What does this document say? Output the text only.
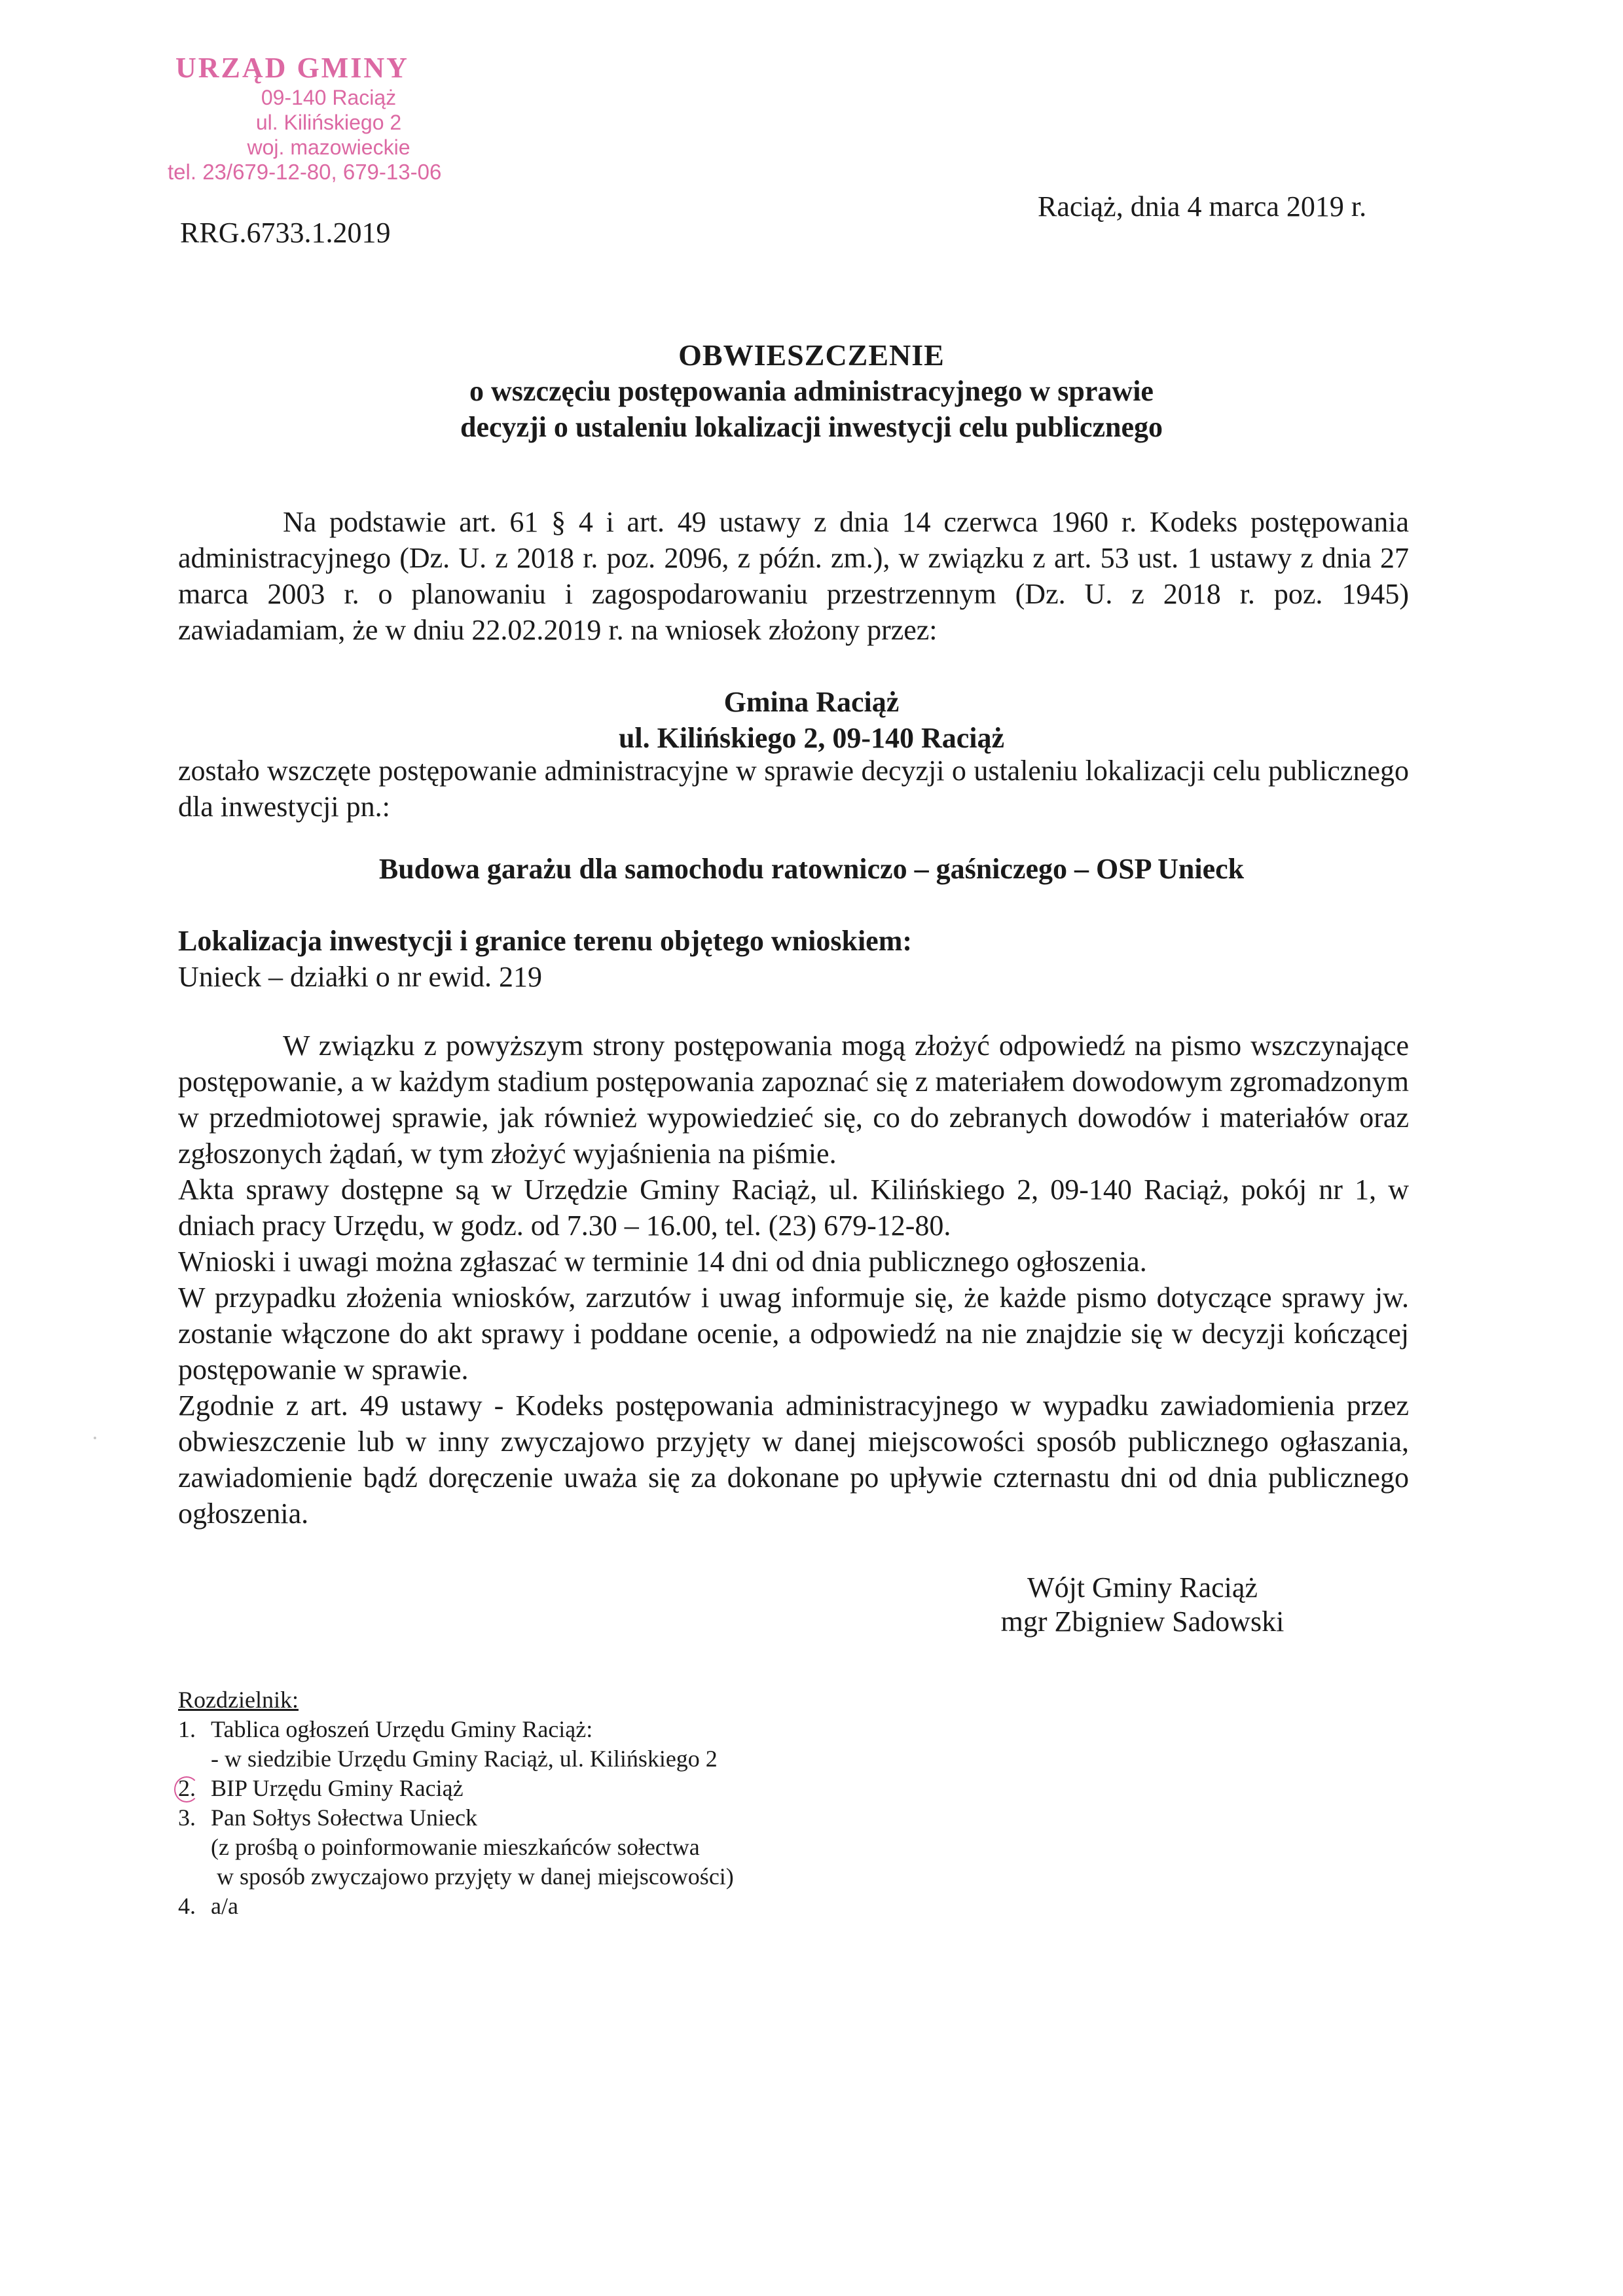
URZĄD GMINY
09-140 Raciąż
ul. Kilińskiego 2
woj. mazowieckie
tel. 23/679-12-80, 679-13-06
RRG.6733.1.2019
Raciąż, dnia 4 marca 2019 r.
OBWIESZCZENIE
o wszczęciu postępowania administracyjnego w sprawie
decyzji o ustaleniu lokalizacji inwestycji celu publicznego
Na podstawie art. 61 § 4 i art. 49 ustawy z dnia 14 czerwca 1960 r. Kodeks postępowania administracyjnego (Dz. U. z 2018 r. poz. 2096, z późn. zm.), w związku z art. 53 ust. 1 ustawy z dnia 27 marca 2003 r. o planowaniu i zagospodarowaniu przestrzennym (Dz. U. z 2018 r. poz. 1945) zawiadamiam, że w dniu 22.02.2019 r. na wniosek złożony przez:
Gmina Raciąż
ul. Kilińskiego 2, 09-140 Raciąż
zostało wszczęte postępowanie administracyjne w sprawie decyzji o ustaleniu lokalizacji celu publicznego dla inwestycji pn.:
Budowa garażu dla samochodu ratowniczo – gaśniczego – OSP Unieck
Lokalizacja inwestycji i granice terenu objętego wnioskiem:
Unieck – działki o nr ewid. 219
W związku z powyższym strony postępowania mogą złożyć odpowiedź na pismo wszczynające postępowanie, a w każdym stadium postępowania zapoznać się z materiałem dowodowym zgromadzonym w przedmiotowej sprawie, jak również wypowiedzieć się, co do zebranych dowodów i materiałów oraz zgłoszonych żądań, w tym złożyć wyjaśnienia na piśmie.
Akta sprawy dostępne są w Urzędzie Gminy Raciąż, ul. Kilińskiego 2, 09-140 Raciąż, pokój nr 1, w dniach pracy Urzędu, w godz. od 7.30 – 16.00, tel. (23) 679-12-80.
Wnioski i uwagi można zgłaszać w terminie 14 dni od dnia publicznego ogłoszenia.
W przypadku złożenia wniosków, zarzutów i uwag informuje się, że każde pismo dotyczące sprawy jw. zostanie włączone do akt sprawy i poddane ocenie, a odpowiedź na nie znajdzie się w decyzji kończącej postępowanie w sprawie.
Zgodnie z art. 49 ustawy - Kodeks postępowania administracyjnego w wypadku zawiadomienia przez obwieszczenie lub w inny zwyczajowo przyjęty w danej miejscowości sposób publicznego ogłaszania, zawiadomienie bądź doręczenie uważa się za dokonane po upływie czternastu dni od dnia publicznego ogłoszenia.
Wójt Gminy Raciąż
mgr Zbigniew Sadowski
Rozdzielnik:
1. Tablica ogłoszeń Urzędu Gminy Raciąż:
- w siedzibie Urzędu Gminy Raciąż, ul. Kilińskiego 2
2. BIP Urzędu Gminy Raciąż
3. Pan Sołtys Sołectwa Unieck
(z prośbą o poinformowanie mieszkańców sołectwa
w sposób zwyczajowo przyjęty w danej miejscowości)
4. a/a
